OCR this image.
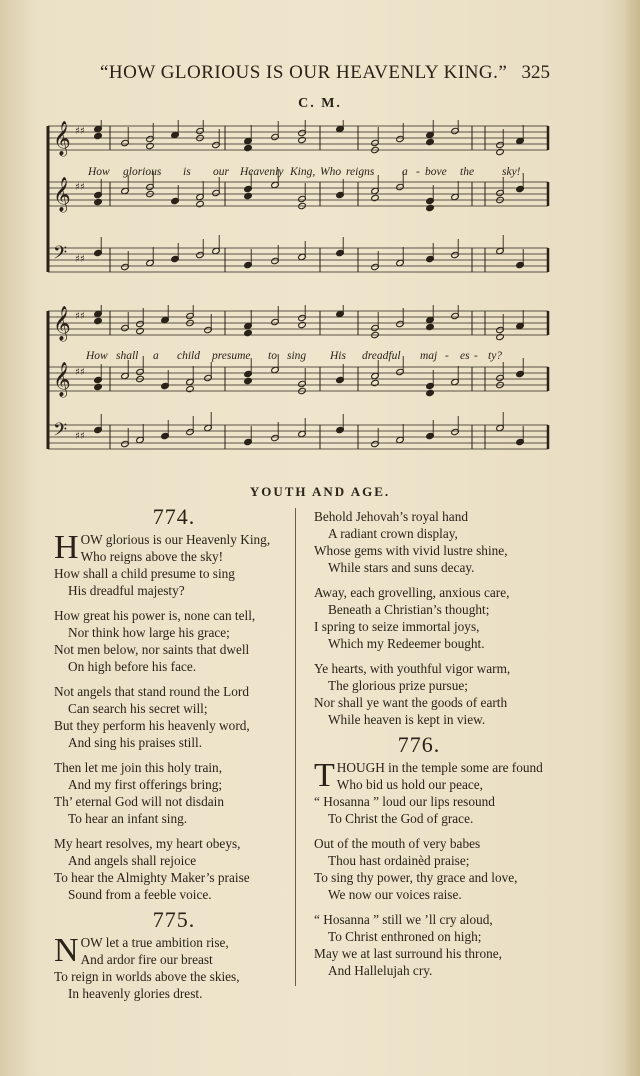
“HOW GLORIOUS IS OUR HEAVENLY KING.” 325
C. M.
𝄞 ♯♯
𝄞 ♯♯
𝄢 ♯♯
How glorious is our Heavenly King, Who reigns a - bove the sky!
𝄞 ♯♯
𝄞 ♯♯
𝄢 ♯♯
How shall a child presume to sing His dreadful maj - es - ty?
YOUTH AND AGE.
774.
HOW glorious is our Heavenly King,
Who reigns above the sky!
How shall a child presume to sing
His dreadful majesty?
How great his power is, none can tell,
Nor think how large his grace;
Not men below, nor saints that dwell
On high before his face.
Not angels that stand round the Lord
Can search his secret will;
But they perform his heavenly word,
And sing his praises still.
Then let me join this holy train,
And my first offerings bring;
Th’ eternal God will not disdain
To hear an infant sing.
My heart resolves, my heart obeys,
And angels shall rejoice
To hear the Almighty Maker’s praise
Sound from a feeble voice.
775.
NOW let a true ambition rise,
And ardor fire our breast
To reign in worlds above the skies,
In heavenly glories drest.
Behold Jehovah’s royal hand
A radiant crown display,
Whose gems with vivid lustre shine,
While stars and suns decay.
Away, each grovelling, anxious care,
Beneath a Christian’s thought;
I spring to seize immortal joys,
Which my Redeemer bought.
Ye hearts, with youthful vigor warm,
The glorious prize pursue;
Nor shall ye want the goods of earth
While heaven is kept in view.
776.
THOUGH in the temple some are found
Who bid us hold our peace,
“ Hosanna ” loud our lips resound
To Christ the God of grace.
Out of the mouth of very babes
Thou hast ordainèd praise;
To sing thy power, thy grace and love,
We now our voices raise.
“ Hosanna ” still we ’ll cry aloud,
To Christ enthroned on high;
May we at last surround his throne,
And Hallelujah cry.
